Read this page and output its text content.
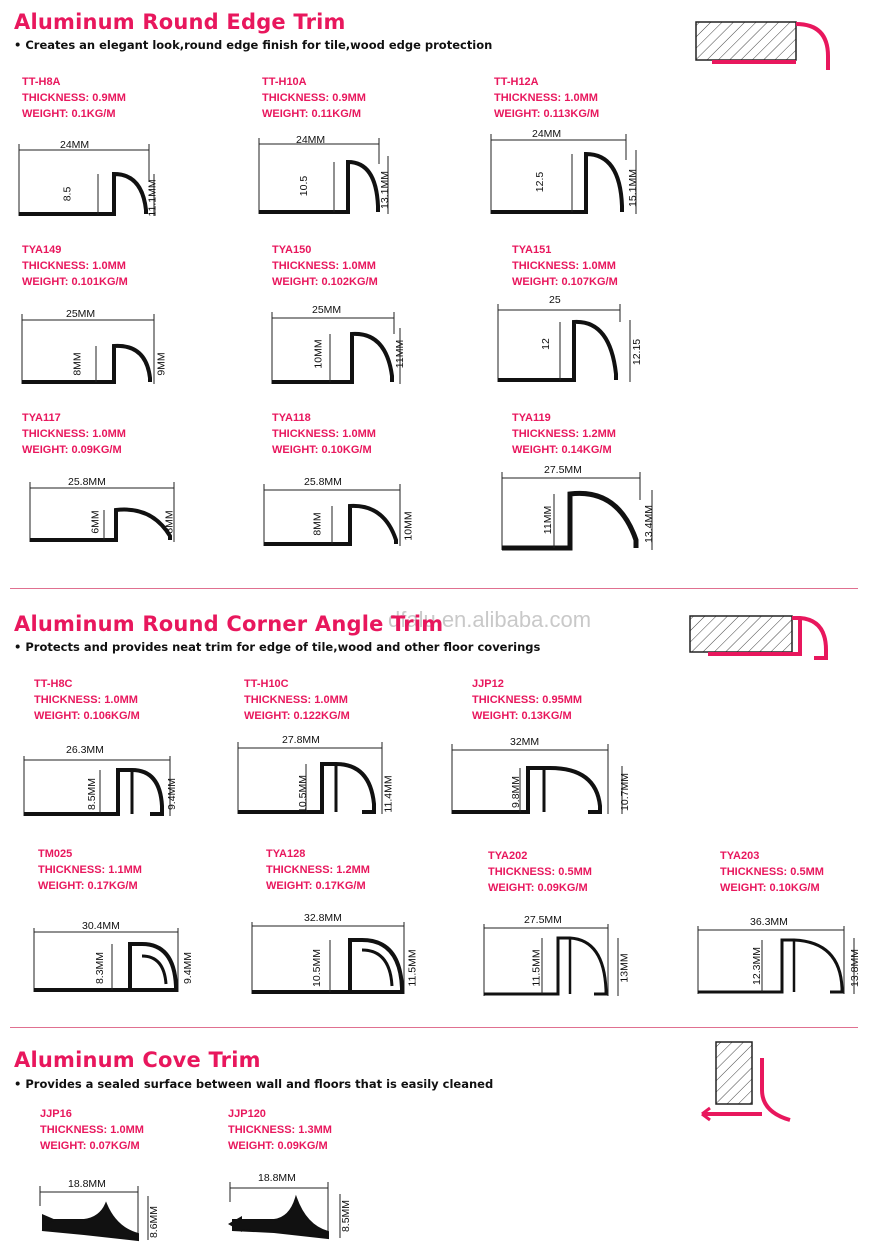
Aluminum Round Edge Trim
• Creates an elegant look,round edge finish for tile,wood edge protection
TT-H8A
THICKNESS: 0.9MM
WEIGHT: 0.1KG/M
TT-H10A
THICKNESS: 0.9MM
WEIGHT: 0.11KG/M
TT-H12A
THICKNESS: 1.0MM
WEIGHT: 0.113KG/M
24MM
8.5	11.1MM
24MM
10.5	13.1MM
24MM
12.5	15.1MM
TYA149
THICKNESS: 1.0MM
WEIGHT: 0.101KG/M
TYA150
THICKNESS: 1.0MM
WEIGHT: 0.102KG/M
TYA151
THICKNESS: 1.0MM
WEIGHT: 0.107KG/M
25MM
8MM	9MM
25MM
10MM	11MM
25
12	12.15
TYA117
THICKNESS: 1.0MM
WEIGHT: 0.09KG/M
TYA118
THICKNESS: 1.0MM
WEIGHT: 0.10KG/M
TYA119
THICKNESS: 1.2MM
WEIGHT: 0.14KG/M
25.8MM
6MM	8MM
25.8MM
8MM	10MM
27.5MM
11MM	13.4MM
dfalu.en.alibaba.com
Aluminum Round Corner Angle Trim
• Protects and provides neat trim for edge of tile,wood and other floor coverings
TT-H8C
THICKNESS: 1.0MM
WEIGHT: 0.106KG/M
TT-H10C
THICKNESS: 1.0MM
WEIGHT: 0.122KG/M
JJP12
THICKNESS: 0.95MM
WEIGHT: 0.13KG/M
26.3MM
8.5MM	9.4MM
27.8MM
10.5MM	11.4MM
32MM
9.8MM	10.7MM
TM025
THICKNESS: 1.1MM
WEIGHT: 0.17KG/M
TYA128
THICKNESS: 1.2MM
WEIGHT: 0.17KG/M
TYA202
THICKNESS: 0.5MM
WEIGHT: 0.09KG/M
TYA203
THICKNESS: 0.5MM
WEIGHT: 0.10KG/M
30.4MM
8.3MM	9.4MM
32.8MM
10.5MM	11.5MM
27.5MM
11.5MM	13MM
36.3MM
12.3MM	13.8MM
Aluminum Cove Trim
• Provides a sealed surface between wall and floors that is easily cleaned
JJP16
THICKNESS: 1.0MM
WEIGHT: 0.07KG/M
JJP120
THICKNESS: 1.3MM
WEIGHT: 0.09KG/M
18.8MM
8.6MM
18.8MM
8.5MM
